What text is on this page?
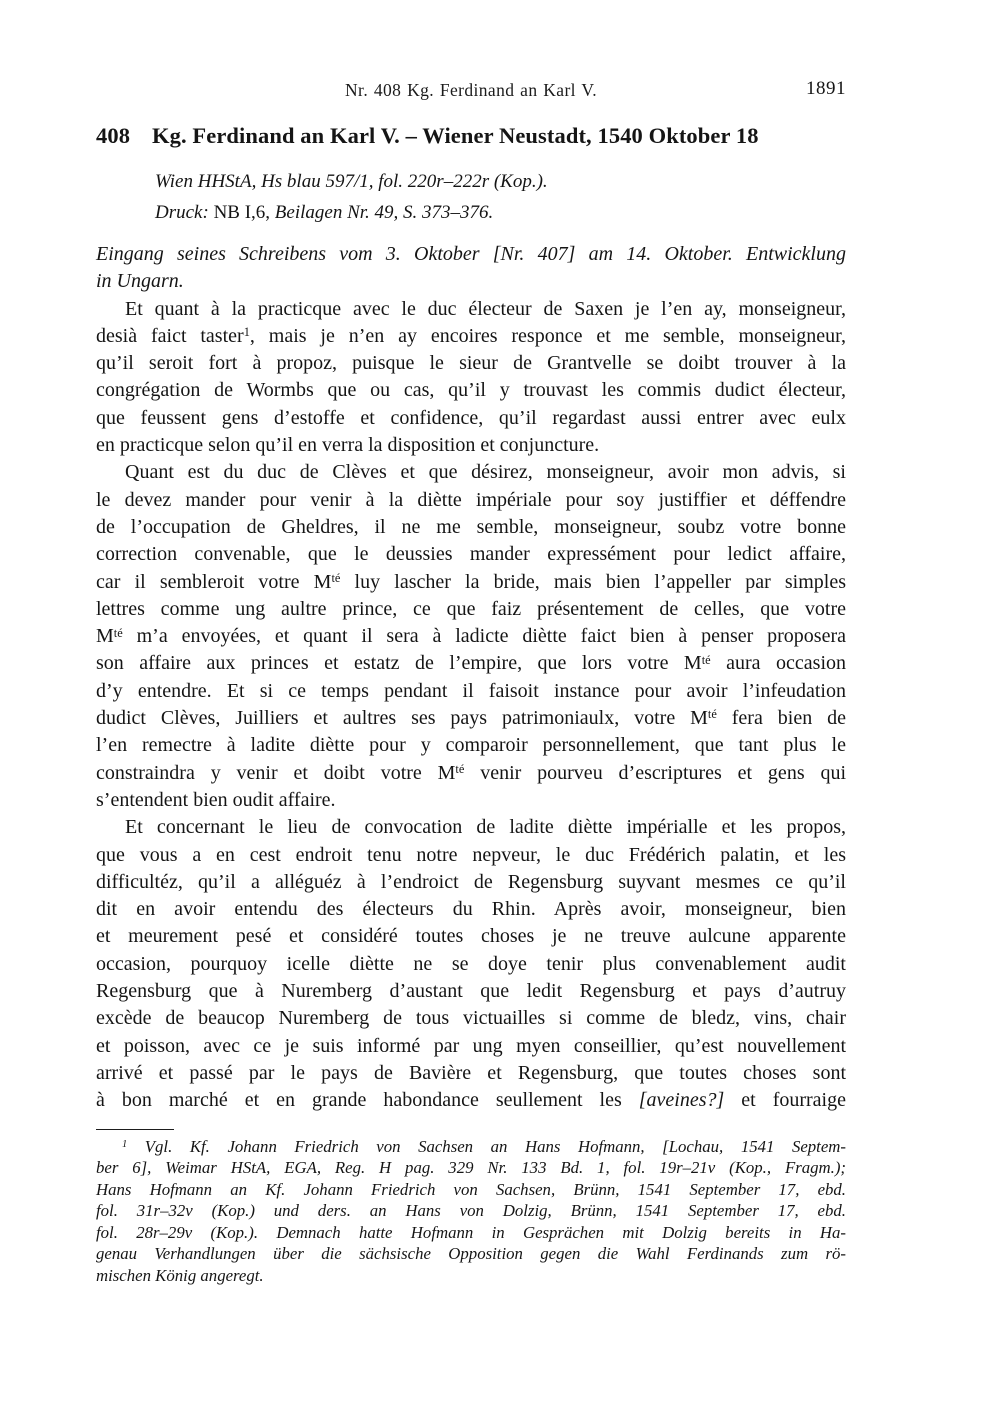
Nr. 408 Kg. Ferdinand an Karl V.	1891
408 Kg. Ferdinand an Karl V. – Wiener Neustadt, 1540 Oktober 18
Wien HHStA, Hs blau 597/1, fol. 220r–222r (Kop.).
Druck: NB I,6, Beilagen Nr. 49, S. 373–376.
Eingang seines Schreibens vom 3. Oktober [Nr. 407] am 14. Oktober. Entwicklung
in Ungarn.
Et quant à la practicque avec le duc électeur de Saxen je l’en ay, monseigneur,
desià faict taster$^1$, mais je n’en ay encoires responce et me semble, monseigneur,
qu’il seroit fort à propoz, puisque le sieur de Grantvelle se doibt trouver à la
congrégation de Wormbs que ou cas, qu’il y trouvast les commis dudict électeur,
que feussent gens d’estoffe et confidence, qu’il regardast aussi entrer avec eulx
en practicque selon qu’il en verra la disposition et conjuncture.
Quant est du duc de Clèves et que désirez, monseigneur, avoir mon advis, si
le devez mander pour venir à la diètte impériale pour soy justiffier et déffendre
de l’occupation de Gheldres, il ne me semble, monseigneur, soubz votre bonne
correction convenable, que le deussies mander expressément pour ledict affaire,
car il sembleroit votre $M^{té}$ luy lascher la bride, mais bien l’appeller par simples
lettres comme ung aultre prince, ce que faiz présentement de celles, que votre
$M^{té}$ m’a envoyées, et quant il sera à ladicte diètte faict bien à penser proposera
son affaire aux princes et estatz de l’empire, que lors votre $M^{té}$ aura occasion
d’y entendre. Et si ce temps pendant il faisoit instance pour avoir l’infeudation
dudict Clèves, Juilliers et aultres ses pays patrimoniaulx, votre $M^{té}$ fera bien de
l’en remectre à ladite diètte pour y comparoir personnellement, que tant plus le
constraindra y venir et doibt votre $M^{té}$ venir pourveu d’escriptures et gens qui
s’entendent bien oudit affaire.
Et concernant le lieu de convocation de ladite diètte impérialle et les propos,
que vous a en cest endroit tenu notre nepveur, le duc Frédérich palatin, et les
difficultéz, qu’il a alléguéz à l’endroict de Regensburg suyvant mesmes ce qu’il
dit en avoir entendu des électeurs du Rhin. Après avoir, monseigneur, bien
et meurement pesé et considéré toutes choses je ne treuve aulcune apparente
occasion, pourquoy icelle diètte ne se doye tenir plus convenablement audit
Regensburg que à Nuremberg d’austant que ledit Regensburg et pays d’autruy
excède de beaucop Nuremberg de tous victuailles si comme de bledz, vins, chair
et poisson, avec ce je suis informé par ung myen conseillier, qu’est nouvellement
arrivé et passé par le pays de Bavière et Regensburg, que toutes choses sont
à bon marché et en grande habondance seullement les [aveines?] et fourraige
$^1$ Vgl. Kf. Johann Friedrich von Sachsen an Hans Hofmann, [Lochau, 1541 Septem-
ber 6], Weimar HStA, EGA, Reg. H pag. 329 Nr. 133 Bd. 1, fol. 19r–21v (Kop., Fragm.);
Hans Hofmann an Kf. Johann Friedrich von Sachsen, Brünn, 1541 September 17, ebd.
fol. 31r–32v (Kop.) und ders. an Hans von Dolzig, Brünn, 1541 September 17, ebd.
fol. 28r–29v (Kop.). Demnach hatte Hofmann in Gesprächen mit Dolzig bereits in Ha-
genau Verhandlungen über die sächsische Opposition gegen die Wahl Ferdinands zum rö-
mischen König angeregt.
